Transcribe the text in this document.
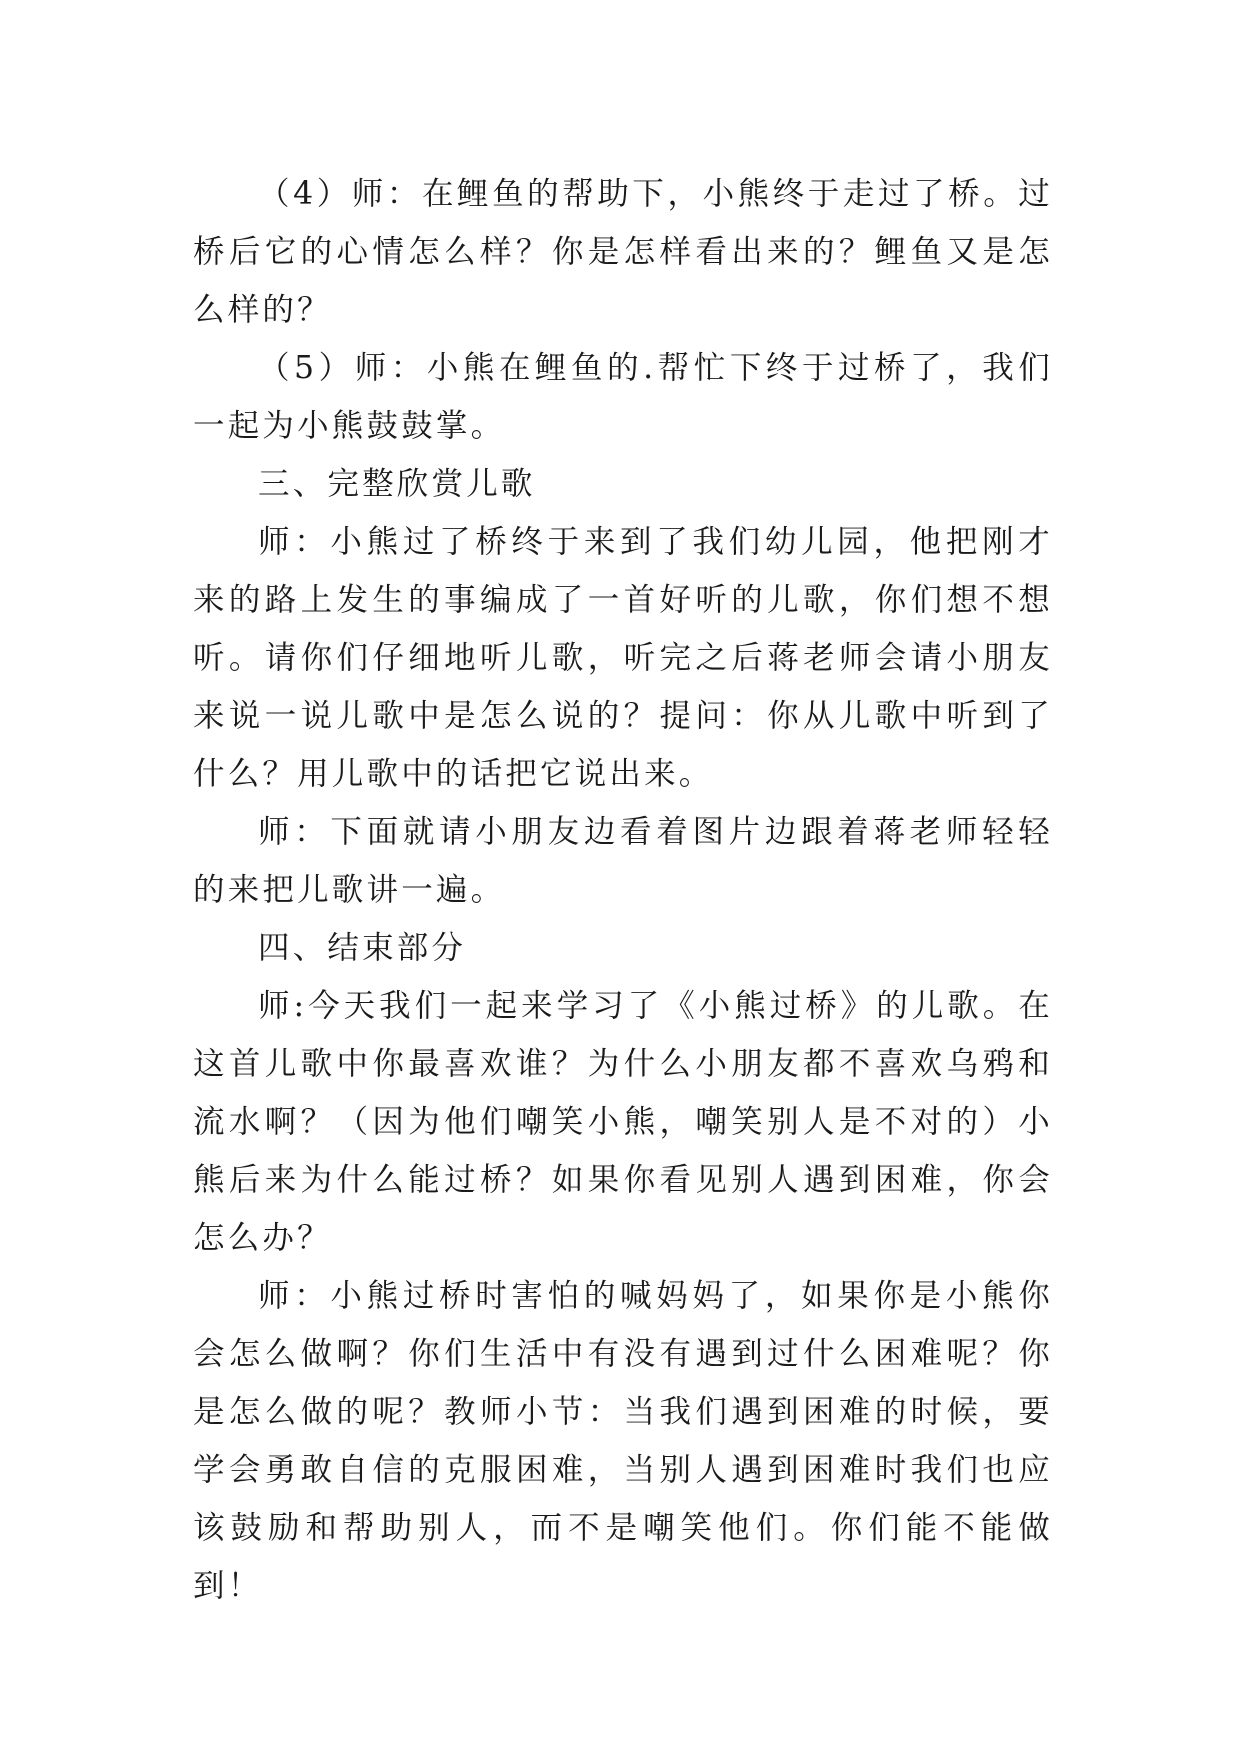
（4）师：在鲤鱼的帮助下，小熊终于走过了桥。过桥后它的心情怎么样？你是怎样看出来的？鲤鱼又是怎么样的？

（5）师：小熊在鲤鱼的.帮忙下终于过桥了，我们一起为小熊鼓鼓掌。

三、完整欣赏儿歌

师：小熊过了桥终于来到了我们幼儿园，他把刚才来的路上发生的事编成了一首好听的儿歌，你们想不想听。请你们仔细地听儿歌，听完之后蒋老师会请小朋友来说一说儿歌中是怎么说的？提问：你从儿歌中听到了什么？用儿歌中的话把它说出来。

师：下面就请小朋友边看着图片边跟着蒋老师轻轻的来把儿歌讲一遍。

四、结束部分

师:今天我们一起来学习了《小熊过桥》的儿歌。在这首儿歌中你最喜欢谁？为什么小朋友都不喜欢乌鸦和流水啊？（因为他们嘲笑小熊，嘲笑别人是不对的）小熊后来为什么能过桥？如果你看见别人遇到困难，你会怎么办？

师：小熊过桥时害怕的喊妈妈了，如果你是小熊你会怎么做啊？你们生活中有没有遇到过什么困难呢？你是怎么做的呢？教师小节：当我们遇到困难的时候，要学会勇敢自信的克服困难，当别人遇到困难时我们也应该鼓励和帮助别人，而不是嘲笑他们。你们能不能做到！
